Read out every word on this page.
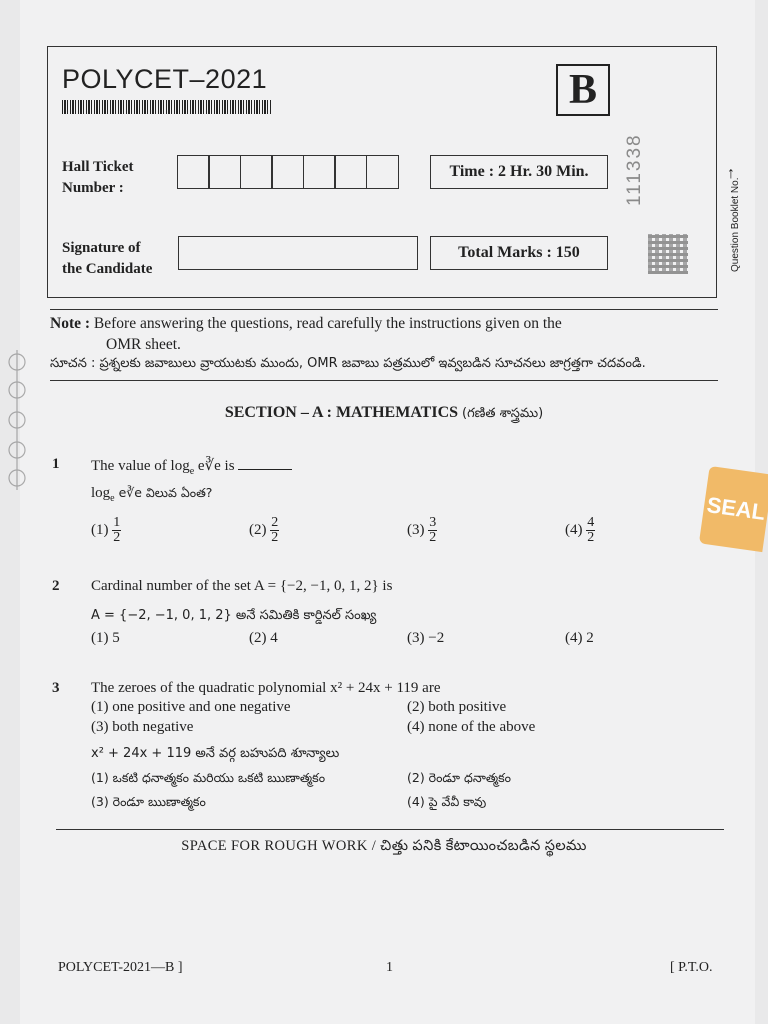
POLYCET–2021	B
111338	↑
Question Booklet No.
Hall Ticket
Number :
Time : 2 Hr. 30 Min.
Signature of
the Candidate
Total Marks : 150
Note : Before answering the questions, read carefully the instructions given on the
OMR sheet.
సూచన : ప్రశ్నలకు జవాబులు వ్రాయుటకు ముందు, OMR జవాబు పత్రములో ఇవ్వబడిన సూచనలు జాగ్రత్తగా చదవండి.
SECTION – A : MATHEMATICS (గణిత శాస్త్రము)
1 The value of $\log_e$ e∛e is
$\log_e$ e∛e విలువ ఏంత?
$(1) \frac{1}{2}$	$(2) \frac{2}{2}$	$(3) \frac{3}{2}$	$(4) \frac{4}{2}$
SEAL
2 Cardinal number of the set A = {−2, −1, 0, 1, 2} is
A = {−2, −1, 0, 1, 2} అనే సమితికి కార్డినల్ సంఖ్య
(1) 5	(2) 4	(3) −2	(4) 2
3 The zeroes of the quadratic polynomial x² + 24x + 119 are
(1) one positive and one negative	(2) both positive
(3) both negative	(4) none of the above
x² + 24x + 119 అనే వర్గ బహుపది శూన్యాలు
(1) ఒకటి ధనాత్మకం మరియు ఒకటి ఋణాత్మకం	(2) రెండూ ధనాత్మకం
(3) రెండూ ఋణాత్మకం	(4) పై వేవీ కావు
SPACE FOR ROUGH WORK / చిత్తు పనికి కేటాయించబడిన స్థలము
POLYCET-2021—B ]	1	[ P.T.O.
